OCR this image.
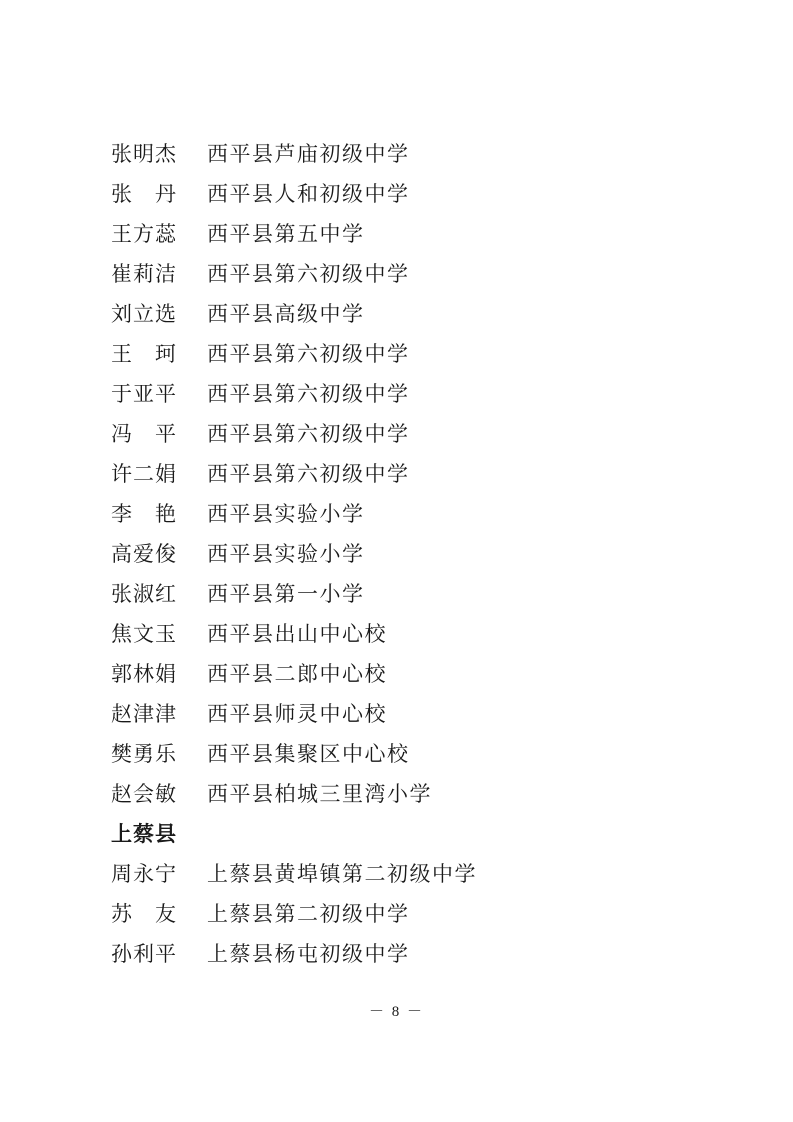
张明杰	西平县芦庙初级中学
张　丹	西平县人和初级中学
王方蕊	西平县第五中学
崔莉洁	西平县第六初级中学
刘立选	西平县高级中学
王　珂	西平县第六初级中学
于亚平	西平县第六初级中学
冯　平	西平县第六初级中学
许二娟	西平县第六初级中学
李　艳	西平县实验小学
高爱俊	西平县实验小学
张淑红	西平县第一小学
焦文玉	西平县出山中心校
郭林娟	西平县二郎中心校
赵津津	西平县师灵中心校
樊勇乐	西平县集聚区中心校
赵会敏	西平县柏城三里湾小学
上蔡县
周永宁	上蔡县黄埠镇第二初级中学
苏　友	上蔡县第二初级中学
孙利平	上蔡县杨屯初级中学
－ 8 －
